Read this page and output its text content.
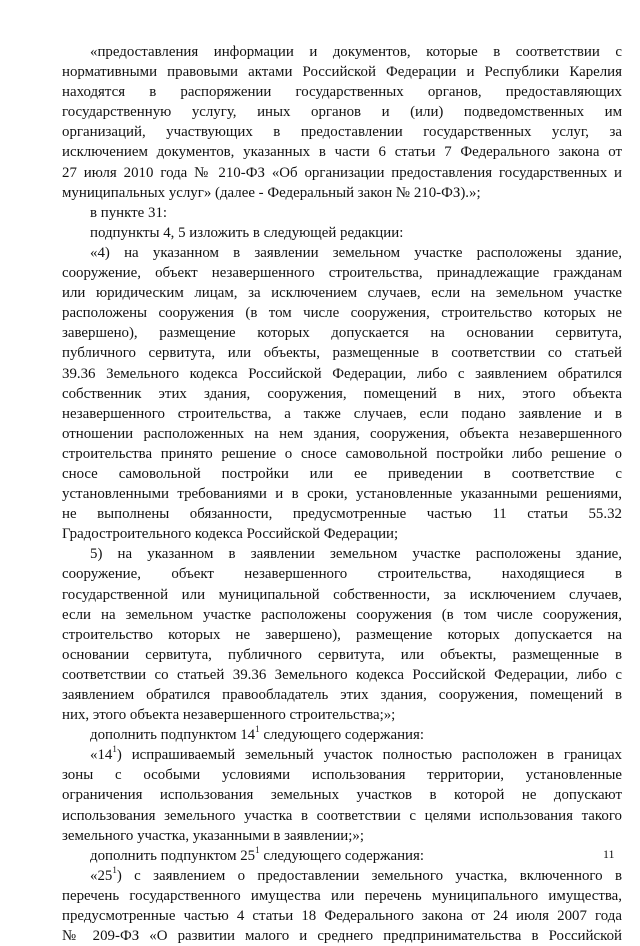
«предоставления информации и документов, которые в соответствии с
нормативными правовыми актами Российской Федерации и Республики Карелия
находятся в распоряжении государственных органов, предоставляющих
государственную услугу, иных органов и (или) подведомственных им
организаций, участвующих в предоставлении государственных услуг, за
исключением документов, указанных в части 6 статьи 7 Федерального закона от
27 июля 2010 года № 210-ФЗ «Об организации предоставления государственных и
муниципальных услуг» (далее - Федеральный закон № 210-ФЗ).»;
в пункте 31:
подпункты 4, 5 изложить в следующей редакции:
«4) на указанном в заявлении земельном участке расположены здание,
сооружение, объект незавершенного строительства, принадлежащие гражданам
или юридическим лицам, за исключением случаев, если на земельном участке
расположены сооружения (в том числе сооружения, строительство которых не
завершено), размещение которых допускается на основании сервитута,
публичного сервитута, или объекты, размещенные в соответствии со статьей
39.36 Земельного кодекса Российской Федерации, либо с заявлением обратился
собственник этих здания, сооружения, помещений в них, этого объекта
незавершенного строительства, а также случаев, если подано заявление и в
отношении расположенных на нем здания, сооружения, объекта незавершенного
строительства принято решение о сносе самовольной постройки либо решение о
сносе самовольной постройки или ее приведении в соответствие с
установленными требованиями и в сроки, установленные указанными решениями,
не выполнены обязанности, предусмотренные частью 11 статьи 55.32
Градостроительного кодекса Российской Федерации;
5) на указанном в заявлении земельном участке расположены здание,
сооружение, объект незавершенного строительства, находящиеся в
государственной или муниципальной собственности, за исключением случаев,
если на земельном участке расположены сооружения (в том числе сооружения,
строительство которых не завершено), размещение которых допускается на
основании сервитута, публичного сервитута, или объекты, размещенные в
соответствии со статьей 39.36 Земельного кодекса Российской Федерации, либо с
заявлением обратился правообладатель этих здания, сооружения, помещений в
них, этого объекта незавершенного строительства;»;
дополнить подпунктом $14^1$ следующего содержания:
«$14^1$) испрашиваемый земельный участок полностью расположен в границах
зоны с особыми условиями использования территории, установленные
ограничения использования земельных участков в которой не допускают
использования земельного участка в соответствии с целями использования такого
земельного участка, указанными в заявлении;»;
дополнить подпунктом $25^1$ следующего содержания:
«$25^1$) с заявлением о предоставлении земельного участка, включенного в
перечень государственного имущества или перечень муниципального имущества,
предусмотренные частью 4 статьи 18 Федерального закона от 24 июля 2007 года
№ 209-ФЗ «О развитии малого и среднего предпринимательства в Российской
11
